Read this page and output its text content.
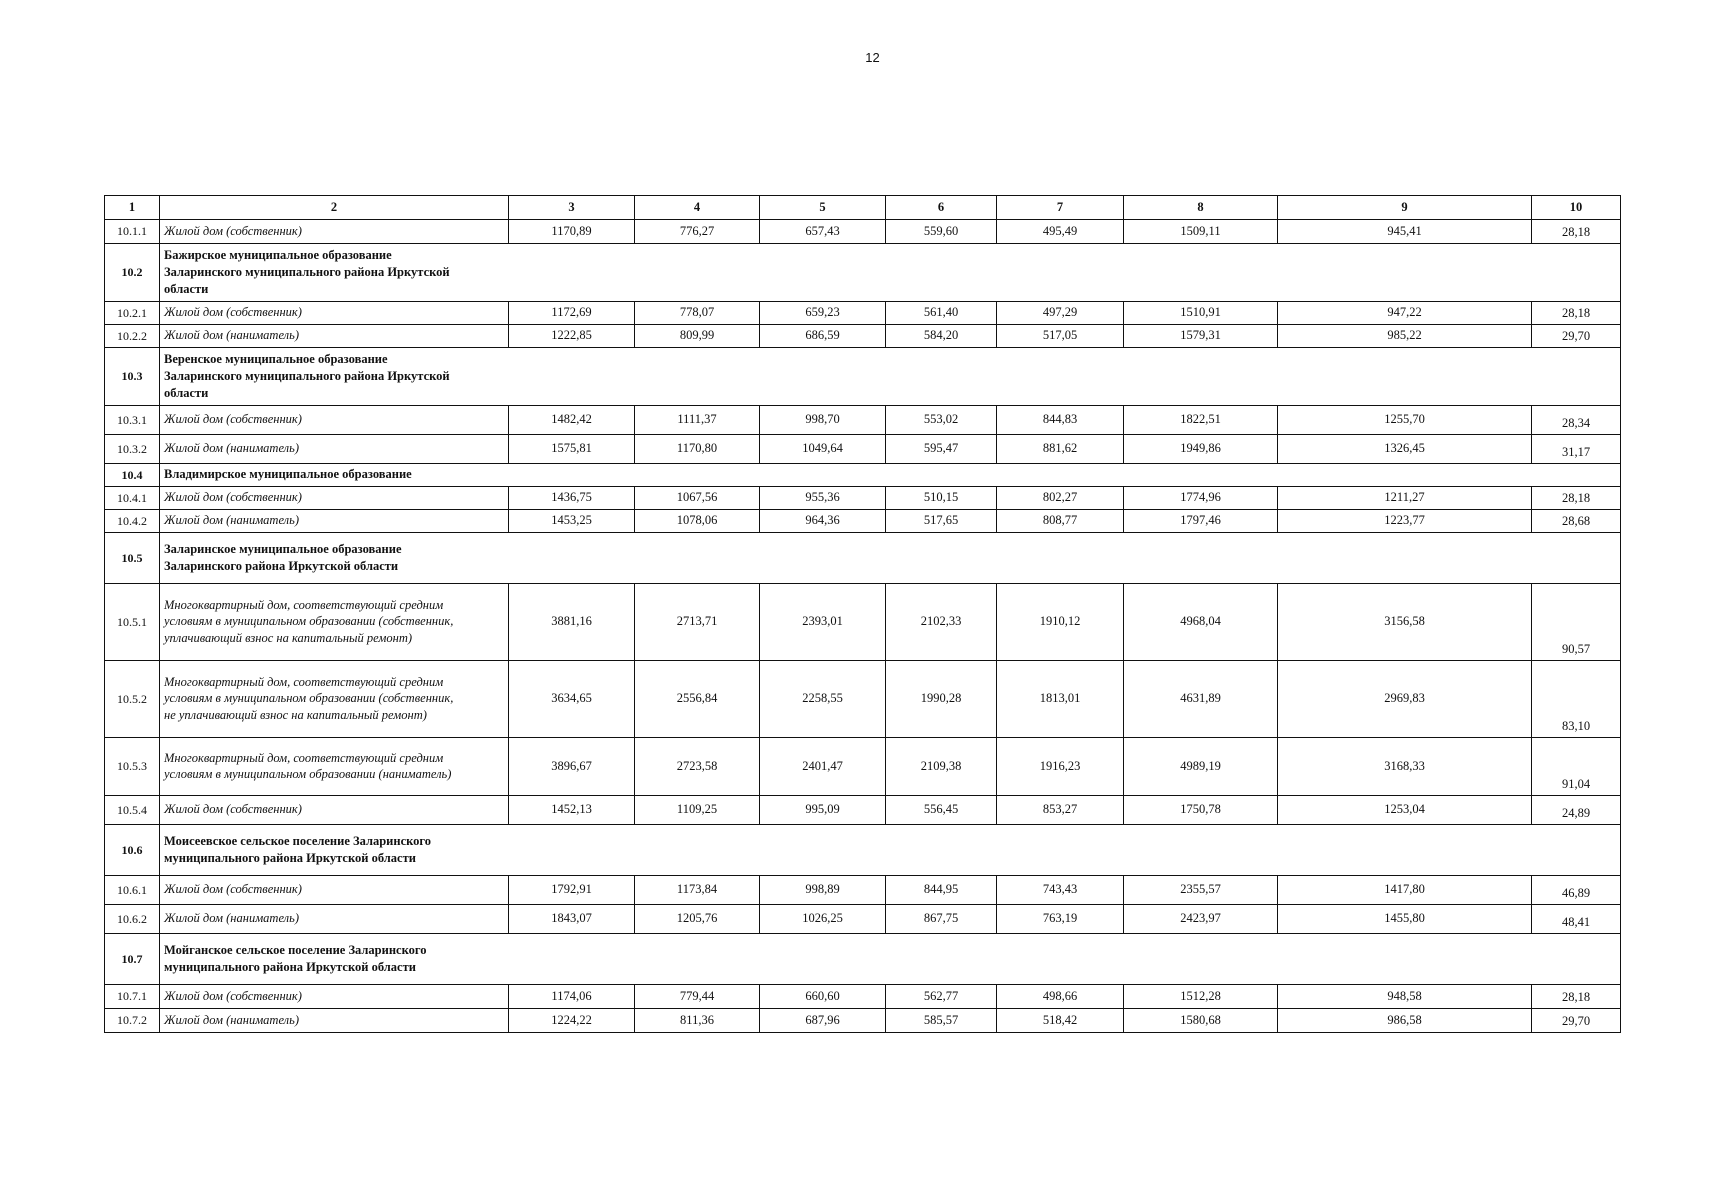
12
1	2	3	4	5	6	7	8	9	10
10.1.1	Жилой дом (собственник)	1170,89	776,27	657,43	559,60	495,49	1509,11	945,41	28,18
10.2	Бажирское муниципальное образование
Заларинского муниципального района Иркутской
области								
10.2.1	Жилой дом (собственник)	1172,69	778,07	659,23	561,40	497,29	1510,91	947,22	28,18
10.2.2	Жилой дом (наниматель)	1222,85	809,99	686,59	584,20	517,05	1579,31	985,22	29,70
10.3	Веренское муниципальное образование
Заларинского муниципального района Иркутской
области								
10.3.1	Жилой дом (собственник)	1482,42	1111,37	998,70	553,02	844,83	1822,51	1255,70	28,34
10.3.2	Жилой дом (наниматель)	1575,81	1170,80	1049,64	595,47	881,62	1949,86	1326,45	31,17
10.4	Владимирское муниципальное образование								
10.4.1	Жилой дом (собственник)	1436,75	1067,56	955,36	510,15	802,27	1774,96	1211,27	28,18
10.4.2	Жилой дом (наниматель)	1453,25	1078,06	964,36	517,65	808,77	1797,46	1223,77	28,68
10.5	Заларинское муниципальное образование
Заларинского района Иркутской области								
10.5.1	Многоквартирный дом, соответствующий средним
условиям в муниципальном образовании (собственник,
уплачивающий взнос на капитальный ремонт)	3881,16	2713,71	2393,01	2102,33	1910,12	4968,04	3156,58	90,57
10.5.2	Многоквартирный дом, соответствующий средним
условиям в муниципальном образовании (собственник,
не уплачивающий взнос на капитальный ремонт)	3634,65	2556,84	2258,55	1990,28	1813,01	4631,89	2969,83	83,10
10.5.3	Многоквартирный дом, соответствующий средним
условиям в муниципальном образовании (наниматель)	3896,67	2723,58	2401,47	2109,38	1916,23	4989,19	3168,33	91,04
10.5.4	Жилой дом (собственник)	1452,13	1109,25	995,09	556,45	853,27	1750,78	1253,04	24,89
10.6	Моисеевское сельское поселение Заларинского
муниципального района Иркутской области								
10.6.1	Жилой дом (собственник)	1792,91	1173,84	998,89	844,95	743,43	2355,57	1417,80	46,89
10.6.2	Жилой дом (наниматель)	1843,07	1205,76	1026,25	867,75	763,19	2423,97	1455,80	48,41
10.7	Мойганское сельское поселение Заларинского
муниципального района Иркутской области								
10.7.1	Жилой дом (собственник)	1174,06	779,44	660,60	562,77	498,66	1512,28	948,58	28,18
10.7.2	Жилой дом (наниматель)	1224,22	811,36	687,96	585,57	518,42	1580,68	986,58	29,70
